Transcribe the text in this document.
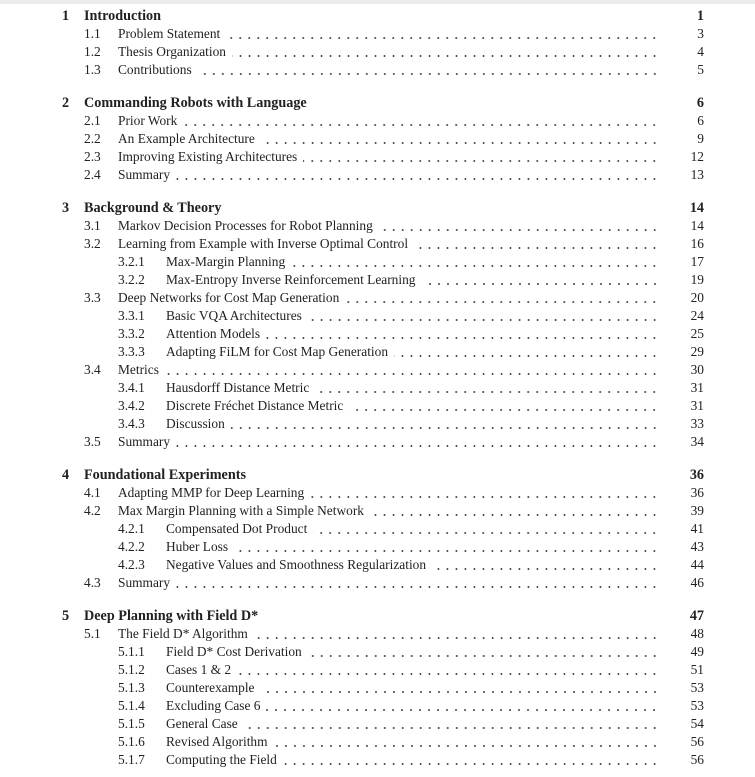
1	Introduction	1
1.1	Problem Statement	3
1.2	Thesis Organization	4
1.3	Contributions	5
2	Commanding Robots with Language	6
2.1	Prior Work	6
2.2	An Example Architecture	9
2.3	Improving Existing Architectures	12
2.4	Summary	13
3	Background & Theory	14
3.1	Markov Decision Processes for Robot Planning	14
3.2	Learning from Example with Inverse Optimal Control	16
3.2.1	Max-Margin Planning	17
3.2.2	Max-Entropy Inverse Reinforcement Learning	19
3.3	Deep Networks for Cost Map Generation	20
3.3.1	Basic VQA Architectures	24
3.3.2	Attention Models	25
3.3.3	Adapting FiLM for Cost Map Generation	29
3.4	Metrics	30
3.4.1	Hausdorff Distance Metric	31
3.4.2	Discrete Fréchet Distance Metric	31
3.4.3	Discussion	33
3.5	Summary	34
4	Foundational Experiments	36
4.1	Adapting MMP for Deep Learning	36
4.2	Max Margin Planning with a Simple Network	39
4.2.1	Compensated Dot Product	41
4.2.2	Huber Loss	43
4.2.3	Negative Values and Smoothness Regularization	44
4.3	Summary	46
5	Deep Planning with Field D*	47
5.1	The Field D* Algorithm	48
5.1.1	Field D* Cost Derivation	49
5.1.2	Cases 1 & 2	51
5.1.3	Counterexample	53
5.1.4	Excluding Case 6	53
5.1.5	General Case	54
5.1.6	Revised Algorithm	56
5.1.7	Computing the Field	56
